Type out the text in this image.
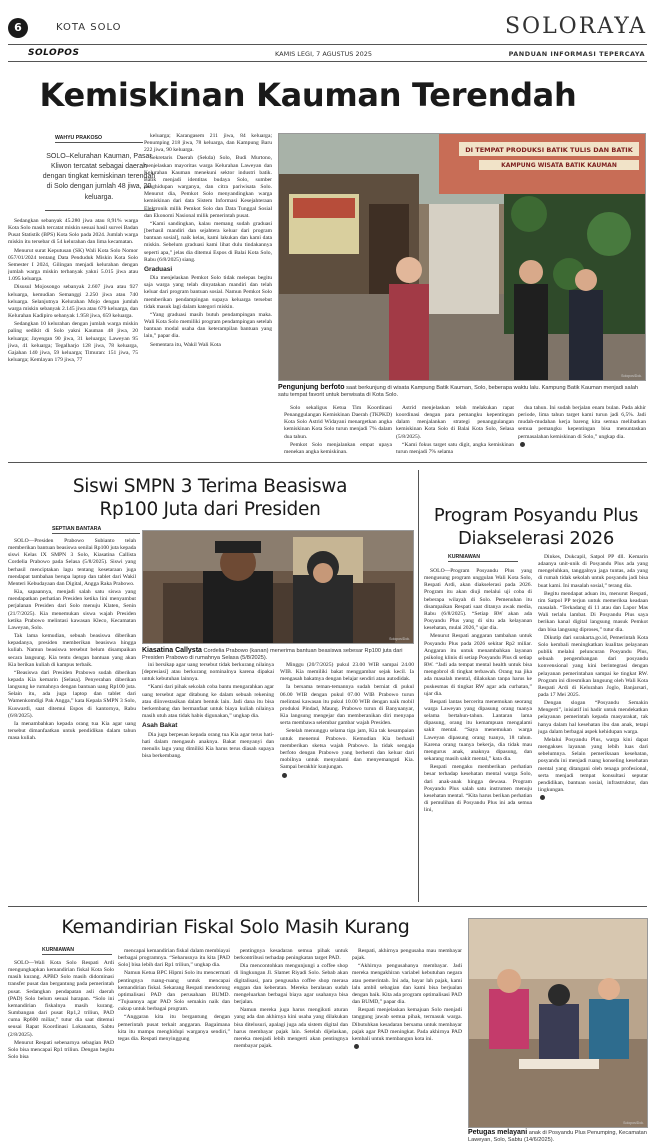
6	KOTA SOLO	SOLORAYA
SOLOPOS	KAMIS LEGI, 7 AGUSTUS 2025	PANDUAN INFORMASI TEPERCAYA
Kemiskinan Kauman Terendah
WAHYU PRAKOSO
SOLO–Kelurahan Kauman, Pasar Kliwon tercatat sebagai daerah dengan tingkat kemiskinan terendah di Solo dengan jumlah 48 jiwa, 20 keluarga.

Sedangkan sebanyak 45.280 jiwa atau 8,91% warga Kota Solo masih tercatat miskin sesuai hasil survei Badan Pusat Statistik (BPS) Kota Solo pada 2024. Jumlah warga miskin itu tersebar di 54 kelurahan dan lima kecamatan.

Menurut surat Keputusan (SK) Wali Kota Solo Nomor 057/01/2024 tentang Data Penduduk Miskin Kota Solo Semester I 2024, Gilingan menjadi kelurahan dengan jumlah warga miskin terbanyak yakni 5.015 jiwa atau 1.095 keluarga.

Disusul Mojosongo sebanyak 2.607 jiwa atau 927 keluarga, kemudian Semanggi 2.250 jiwa atau 740 keluarga. Selanjutnya Kelurahan Mojo dengan jumlah warga miskin sebanyak 2.145 jiwa atau 679 keluarga, dan Kelurahan Kadipiro sebanyak 1.958 jiwa, 659 keluarga.

Sedangkan 10 kelurahan dengan jumlah warga miskin paling sedikit di Solo yakni Kauman 48 jiwa, 20 keluarga; Jayengan 90 jiwa, 31 keluarga; Laweyan 95 jiwa, 41 keluarga; Tegalharjo 128 jiwa, 78 keluarga, Gajahan 140 jiwa, 59 keluarga; Timuran: 151 jiwa, 75 keluarga; Kemlayan 179 jiwa, 77

keluarga; Karangasem 211 jiwa, 84 keluarga; Penumping 218 jiwa, 78 keluarga, dan Kampung Baru 222 jiwa, 90 keluarga.

Sekretaris Daerah (Sekda) Solo, Budi Murtono, menjelaskan mayoritas warga Kelurahan Laweyan dan Kelurahan Kauman menekuni sektor industri batik. Batik menjadi identitas budaya Solo, sumber penghidupan warganya, dan citra pariwisata Solo. Menurut dia, Pemkot Solo menyandingkan warga kemiskinan dari data Sistem Informasi Kesejahteraan Elektronik milik Pemkot Solo dan Data Tunggal Sosial dan Ekonomi Nasional milik pemerintah pusat.

“Kami sandingkan, kalau memang sudah graduasi [berhasil mandiri dan sejahtera keluar dari program bantuan sosial], naik kelas, kami lakukan dan kami data miskin. Sebelum graduasi kami lihat dulu tindakannya seperti apa,” jelas dia ditemui Espos di Balai Kota Solo, Rabu (6/8/2025) siang.

Graduasi

Dia menjelaskan Pemkot Solo tidak melepas begitu saja warga yang telah dinyatakan mandiri dan telah keluar dari program bantuan sosial. Namun Pemkot Solo memberikan pendampingan supaya keluarga tersebut tidak masuk lagi dalam kategori miskin.

“Yang graduasi masih butuh pendampingan maka. Wali Kota Solo memiliki program pendampingan setelah bantuan modal usaha dan keterampilan bantuan yang lain,” papar dia.

Sementara itu, Wakil Wali Kota

DI TEMPAT PRODUKSI BATIK TULIS DAN BATIK
KAMPUNG WISATA BATIK KAUMAN
Solopos/Dok.
Pengunjung berfoto saat berkunjung di wisata Kampung Batik Kauman, Solo, beberapa waktu lalu. Kampung Batik Kauman menjadi salah satu tempat favorit untuk berwisata di Kota Solo.

Solo sekaligus Ketua Tim Koordinasi Penanggulangan Kemiskinan Daerah (TKPKD) Kota Solo Astrid Widayani menargetkan angka kemiskinan Kota Solo turun menjadi 7% dalam dua tahun.

Pemkot Solo menjalankan empat upaya menekan angka kemiskinan.

Astrid menjelaskan telah melakukan rapat koordinasi dengan para pemangku kepentingan dalam menjalankan strategi penanggulangan kemiskinan Kota Solo di Balai Kota Solo, Selasa (5/8/2025).

“Kami fokus target satu digit, angka kemiskinan turun menjadi 7% selama

dua tahun. Ini sudah berjalan enam bulan. Pada akhir periode, lima tahun target kami turun jadi 6,5%. Jadi mudah-mudahan kerja bareng kita semua melibatkan semua pemangku kepentingan bisa menuntaskan permasalahan kemiskinan di Solo,” ungkap dia.

Siswi SMPN 3 Terima Beasiswa
Rp100 Juta dari Presiden
SEPTIAN BANTARA

SOLO—Presiden Prabowo Subianto telah memberikan bantuan beasiswa senilai Rp100 juta kepada siswi Kelas IX SMPN 3 Solo, Kiasatina Callista Cordelia Prabowo pada Selasa (5/8/2025). Siswi yang berhasil menciptakan lagu tentang kesetaraan juga mendapat tambahan berupa laptop dan tablet dari Wakil Menteri Kebudayaan dan Digital, Angga Raka Prabowo.

Kia, sapaannya, menjadi salah satu siswa yang mendapatkan perhatian Presiden ketika lini menyambut perjalanan Presiden dari Solo menuju Klaten, Senin (21/7/2025). Kia menemukan siswa wajah Presiden ketika Prabowo melintasi kawasan Kleco, Kecamatan Laweyan, Solo.

Tak lama kemudian, sebuah beasiswa diberikan kepadanya, presiden memberikan beasiswa hingga kuliah. Namun beasiswa tersebut belum disampaikan secara langsung. Kia tentu dengan bantuan yang akan Kia berikan kuliah di kampus terbaik.

“Beasiswa dari Presiden Prabowo sudah diberikan kepada Kia kemarin [Selasa]. Penyerahan diberikan langsung ke rumahnya dengan bantuan uang Rp100 juta. Selain itu, ada juga laptop dan tablet dari Wamenkomdigi Pak Angga,” kata Kepala SMPN 3 Solo, Kuswardi, saat ditemui Espos di kantornya, Rabu (6/8/2025).

Ia menambahkan kepada orang tua Kia agar uang tersebut dimanfaatkan untuk pendidikan dalam tahun masa kuliah.

Solopos/Dok.
Kiasatina Callysta Cordelia Prabowo (kanan) menerima bantuan beasiswa sebesar Rp100 juta dari Presiden Prabowo di rumahnya Selasa (5/8/2025).

ini bersikap agar uang tersebut tidak berkurang nilainya [depresiasi] atau berkurang nominalnya karena dipakai untuk kebutuhan lainnya.

“Kami dari pihak sekolah coba bantu mengarahkan agar uang tersebut agar ditabung ke dalam sebuah rekening atau diinvestasikan dalam bentuk lain. Jadi dana itu bisa berkembang dan bermanfaat untuk biaya kuliah nilainya masih utuh atau tidak habis digunakan,” ungkap dia.

Asah Bakat

Dia juga berpesan kepada orang tua Kia agar terus hati-hati dalam mengasuh anaknya. Bakat menyanyi dan menulis lagu yang dimiliki Kia harus terus diasah supaya bisa berkembang.

Minggu (20/7/2025) pukul 23.00 WIB sampai 24.00 WIB. Kia memiliki bakat menggambar sejak kecil. Ia mengasah bakatnya dengan belajar sendiri atau autodidak.

Ia bersama teman-temannya sudah berniat di pukul 06.00 WIB dengan pukul 07.00 WIB Prabowo turun melintasi kawasan itu pukul 10.00 WIB dengan naik mobil produksi Pindad, Maung. Prabowo turun di Banyuanyar, Kia langsung mengejar dan memberanikan diri menyapa serta membawa selembar gambar wajah Presiden.

Setelah menunggu selama tiga jam, Kia tak kesampaian untuk menemui Prabowo. Kemudian Kia berhasil memberikan sketsa wajah Prabowo. Ia tidak sengaja berfoto dengan Prabowo yang berhenti dan keluar dari mobilnya untuk menyalami dan menyemangati Kia. Sampai berakhir kunjungan.

Program Posyandu Plus
Diakselerasi 2026
KURNIAWAN

SOLO—Program Posyandu Plus yang mengusung program unggulan Wali Kota Solo, Respati Ardi, akan diakselerasi pada 2026. Program itu akan diuji melalui uji coba di beberapa wilayah di Solo. Pemenuhan itu disampaikan Respati saat ditanya awak media, Rabu (6/8/2025). “Setiap RW akan ada Posyandu Plus yang di situ ada kelayanan kesehatan, mulai 2026,” ujar dia.

Menurut Respati anggaran tambahan untuk Posyandu Plus pada 2026 sekitar Rp2 miliar. Anggaran itu untuk menambahkan layanan psikolog klinis di setiap Posyandu Plus di setiap RW. “Jadi ada tempat mental health untuk bisa mengobrol di tingkat terbawah. Orang tua jika ada masalah mental, dilakukan tanpa harus ke puskesmas di tingkat RW agar ada curhatan,” ujar dia.

Respati lantas bercerita menemukan seorang warga Laweyan yang dipasung orang tuanya selama bertahun-tahun. Lantaran lama dipasung, orang itu kemampuan mengalami sakit mental. “Saya menemukan warga Laweyan dipasung orang tuanya, 18 tahun. Karena orang tuanya bekerja, dia tidak mau mengurus anak, anaknya dipasung, dan sekarang masih sakit mental,” kata dia.

Respati mengaku memberikan perhatian besar terhadap kesehatan mental warga Solo, dari anak-anak hingga dewasa. Program Posyandu Plus salah satu instrumen menuju kesehatan mental. “Kita harus berikan perhatian di pemulihan di Posyandu Plus ini ada semua lini,

Dinkes, Dukcapil, Satpol PP dll. Kemarin adaanya unit-unik di Posyandu Plus ada yang mengeluhkan, tanggalnya jaga tuntas, ada yang di rumah tidak sekolah untuk posyandu jadi bisa buat kami. Ini masalah sosial,” terang dia.

Begitu mendapat aduan itu, menurut Respati, tim Satpol PP terjun untuk memeriksa keadaan masalah. “Terkadang di 11 atau dan Lapor Mas Wali terlalu lambat. Di Posyandu Plus saya berikan kanal digital langsung masuk Pemkot dan bisa langsung diproses,” tutur dia.

Dikutip dari surakarta.go.id, Pemerintah Kota Solo kembali meningkatkan kualitas pelayanan publik melalui peluncuran Posyandu Plus, sebuah pengembangan dari posyandu konvensional yang kini berintegrasi dengan pelayanan pemerintahan sampai ke tingkat RW. Program ini diresmikan langsung oleh Wali Kota Respati Ardi di Kelurahan Joglo, Banjarsari, pada 17 Mei 2025.

Dengan slogan “Posyandu Semakin Mengerti”, inisiatif ini hadir untuk mendekatkan pelayanan pemerintah kepada masyarakat, tak hanya dalam hal kesehatan ibu dan anak, tetapi juga dalam berbagai aspek kehidupan warga.

Melalui Posyandu Plus, warga kini dapat mengakses layanan yang lebih luas dari sebelumnya. Selain pemeriksaan kesehatan, posyandu ini menjadi ruang konseling kesehatan mental yang ditangani oleh tenaga profesional, serta menjadi tempat konsultasi seputar pendidikan, bantuan sosial, infrastruktur, dan lingkungan.

Kemandirian Fiskal Solo Masih Kurang
KURNIAWAN

SOLO—Wali Kota Solo Respati Ardi mengungkapkan kemandirian fiskal Kota Solo masih kurang. APBD Solo masih didominasi transfer pusat dan bergantung pada pemerintah pusat. Sedangkan pendapatan asli daerah (PAD) Solo belum sesuai harapan. “Solo ini kemandirian fiskalnya masih kurang. Sumbangan dari pusat Rp1,2 triliun, PAD cuma Rp600 miliar,” tutur dia saat ditemui seusai Rapat Koordinasi Lokananta, Sabtu (2/8/2025).

Menurut Respati sebenarnya sebagian PAD Solo bisa mencapai Rp1 triliun. Dengan begitu Solo bisa

mencapai kemandirian fiskal dalam membiayai berbagai programnya. “Seharusnya itu kita [PAD Solo] bisa lebih dari Rp1 triliun,” ungkap dia.

Namun Ketua BPC Hipmi Solo itu mencermati pentingnya ruang-ruang untuk mencapai kemandirian fiskal. Sekarang Respati mendorong optimalisasi PAD dan perusahaan BUMD. “Tujuannya agar PAD Solo semakin naik dan cukup untuk berbagai program.

“Anggaran kita itu bergantung dengan pemerintah pusat terkait anggaran. Bagaimana kita itu mampu menghidupi warganya sendiri,” tegas dia. Respati menyinggung

pentingnya kesadaran semua pihak untuk berkontribusi terhadap peningkatan target PAD.

Dia mencontohkan mengunjungi a coffee shop di lingkungan Jl. Slamet Riyadi Solo. Sebab akan digitalisasi, para pengusaha coffee shop merasa enggan dan keberatan. Mereka beralasan sudah mengeluarkan berbagai biaya agar usahanya bisa berjalan.

Namun mereka juga harus mengikuti aturan yang ada dan akhirnya kini usaha yang dilakukan bisa ditelusuri, apalagi juga ada sistem digital dan harus membayar pajak lain. Setelah dijelaskan, mereka menjadi lebih mengerti akan pentingnya membayar pajak.

Respati, akhirnya pengusaha mau membayar pajak.

“Akhirnya pengusahanya membayar. Jadi mereka mengakhiran variabel kebutuhan negara atau pemerintah. Ini ada, bayar lah pajak, kami lalu ambil sebagian dan kami bisa berjualan dengan baik. Kita ada program optimalisasi PAD dan BUMD,” papar dia.

Respati menjelaskan kemajuan Solo menjadi tanggung jawab semua pihak, termasuk warga. Dibutuhkan kesadaran bersama untuk membayar pajak agar PAD meningkat. Pada akhirnya PAD kembali untuk membangun kota ini.

Solopos/Dok.
Petugas melayani anak di Posyandu Plus Penumping, Kecamatan Laweyan, Solo, Sabtu (14/6/2025).
